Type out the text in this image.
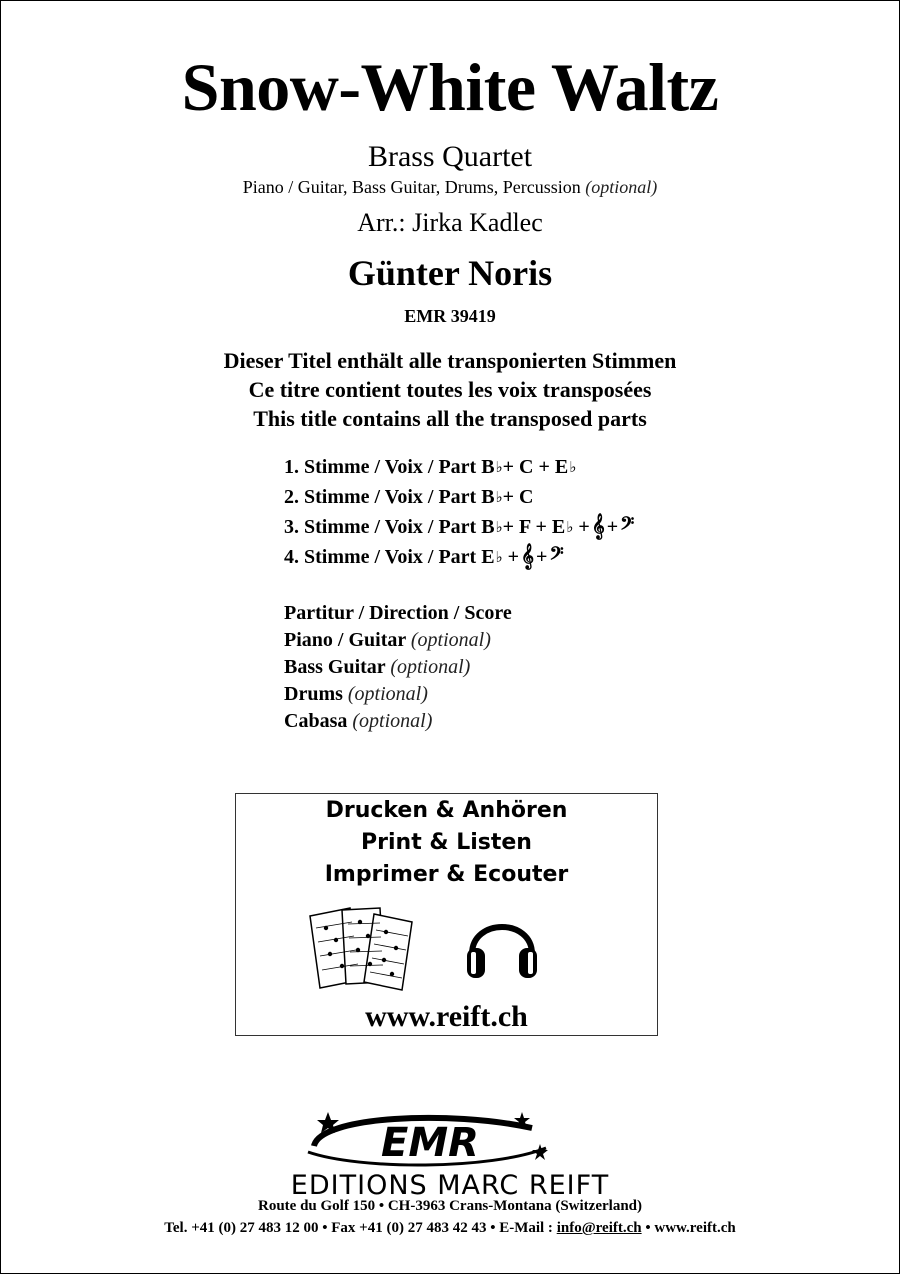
Snow-White Waltz
Brass Quartet
Piano / Guitar, Bass Guitar, Drums, Percussion (optional)
Arr.: Jirka Kadlec
Günter Noris
EMR 39419
Dieser Titel enthält alle transponierten Stimmen
Ce titre contient toutes les voix transposées
This title contains all the transposed parts
1. Stimme / Voix / Part B ♭ + C + E ♭
2. Stimme / Voix / Part B ♭ + C
3. Stimme / Voix / Part B ♭ + F + E ♭ + 𝄞 + 𝄢
4. Stimme / Voix / Part E ♭ + 𝄞 + 𝄢
Partitur / Direction / Score
Piano / Guitar (optional)
Bass Guitar (optional)
Drums (optional)
Cabasa (optional)
Drucken & Anhören
Print & Listen
Imprimer & Ecouter
www.reift.ch
EMR
EDITIONS MARC REIFT
Route du Golf 150 • CH-3963 Crans-Montana (Switzerland)
Tel. +41 (0) 27 483 12 00 • Fax +41 (0) 27 483 42 43 • E-Mail : info@reift.ch • www.reift.ch
